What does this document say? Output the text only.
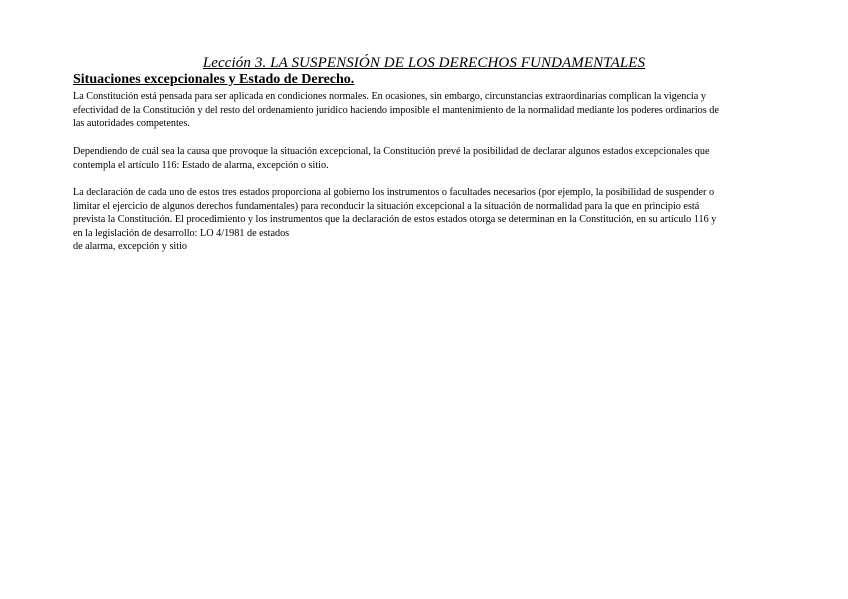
Lección 3. LA SUSPENSIÓN DE LOS DERECHOS FUNDAMENTALES
Situaciones excepcionales y Estado de Derecho.

La Constitución está pensada para ser aplicada en condiciones normales. En ocasiones, sin embargo, circunstancias extraordinarias complican la vigencia y
efectividad de la Constitución y del resto del ordenamiento jurídico haciendo imposible el mantenimiento de la normalidad mediante los poderes ordinarios de
las autoridades competentes.

Dependiendo de cuál sea la causa que provoque la situación excepcional, la Constitución prevé la posibilidad de declarar algunos estados excepcionales que
contempla el artículo 116: Estado de alarma, excepción o sitio.

La declaración de cada uno de estos tres estados proporciona al gobierno los instrumentos o facultades necesarios (por ejemplo, la posibilidad de suspender o
limitar el ejercicio de algunos derechos fundamentales) para reconducir la situación excepcional a la situación de normalidad para la que en principio está
prevista la Constitución. El procedimiento y los instrumentos que la declaración de estos estados otorga se determinan en la Constitución, en su artículo 116 y
en la legislación de desarrollo: LO 4/1981 de estados
de alarma, excepción y sitio
